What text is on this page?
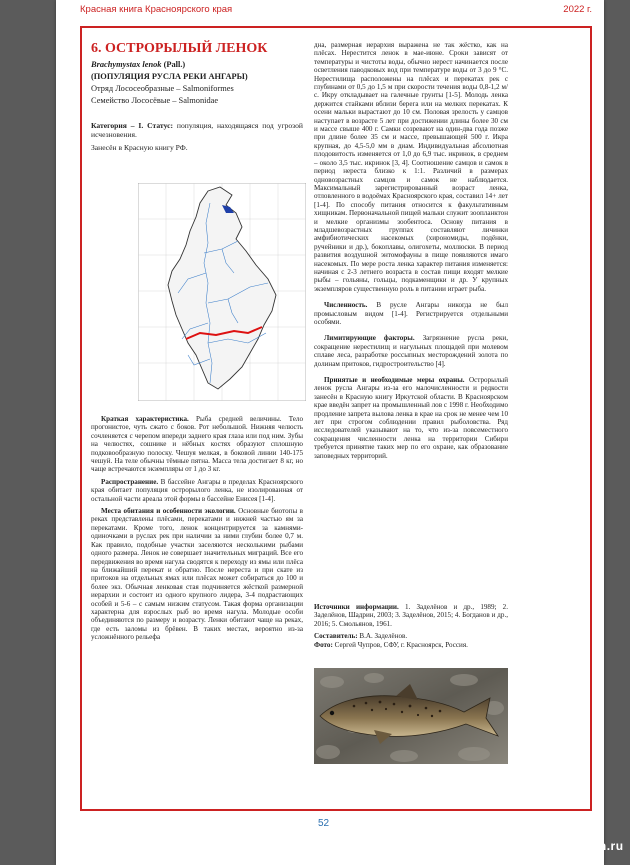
Красная книга Красноярского края	2022 г.
6. ОСТРОРЫЛЫЙ ЛЕНОК
Brachymystax lenok (Pall.)
(ПОПУЛЯЦИЯ РУСЛА РЕКИ АНГАРЫ)
Отряд Лососеобразные – Salmoniformes
Семейство Лососёвые – Salmonidae

Категория – I. Статус: популяция, находящаяся под угрозой исчезновения.

Занесён в Красную книгу РФ.

Краткая характеристика. Рыба средней величины. Тело прогонистое, чуть сжато с боков. Рот небольшой. Нижняя челюсть сочленяется с черепом впереди заднего края глаза или под ним. Зубы на челюстях, сошнике и нёбных костях образуют сплошную подковообразную полоску. Чешуя мелкая, в боковой линии 140-175 чешуй. На теле обычны тёмные пятна. Масса тела достигает 8 кг, но чаще встречаются экземпляры от 1 до 3 кг.

Распространение. В бассейне Ангары в пределах Красноярского края обитает популяция острорылого ленка, не изолированная от остальной части ареала этой формы в бассейне Енисея [1-4].

Места обитания и особенности экологии. Основные биотопы в реках представлены плёсами, перекатами и нижней частью ям за перекатами. Кроме того, ленок концентрируется за камнями-одиночками в руслах рек при наличии за ними глубин более 0,7 м. Как правило, подобные участки заселяются несколькими рыбами одного размера. Ленок не совершает значительных миграций. Все его передвижения во время нагула сводятся к переходу из ямы или плёса на ближайший перекат и обратно. После нереста и при скате из притоков на отдельных ямах или плёсах может собираться до 100 и более экз. Обычная ленковая стая подчиняется жёсткой размерной иерархии и состоит из одного крупного лидера, 3-4 подрастающих особей и 5-6 – с самым низким статусом. Такая форма организации характерна для взрослых рыб во время нагула. Молодые особи объединяются по размеру и возрасту. Ленки обитают чаще на реках, где есть заломы из брёвен. В таких местах, вероятно из-за усложнённого рельефа

дна, размерная иерархия выражена не так жёстко, как на плёсах. Нерестится ленок в мае-июне. Сроки зависят от температуры и чистоты воды, обычно нерест начинается после осветления паводковых вод при температуре воды от 3 до 9 °С. Нерестилища расположены на плёсах и перекатах рек с глубинами от 0,5 до 1,5 м при скорости течения воды 0,8-1,2 м/с. Икру откладывает на галечные грунты [1-5]. Молодь ленка держится стайками вблизи берега или на мелких перекатах. К осени мальки вырастают до 10 см. Половая зрелость у самцов наступает в возрасте 5 лет при достижении длины более 30 см и массе свыше 400 г. Самки созревают на один-два года позже при длине более 35 см и массе, превышающей 500 г. Икра крупная, до 4,5-5,0 мм в диам. Индивидуальная абсолютная плодовитость изменяется от 1,0 до 6,9 тыс. икринок, в среднем – около 3,5 тыс. икринок [3, 4]. Соотношение самцов и самок в период нереста близко к 1:1. Различий в размерах одновозрастных самцов и самок не наблюдается. Максимальный зарегистрированный возраст ленка, отловленного в водоёмах Красноярского края, составил 14+ лет [1-4]. По способу питания относится к факультативным хищникам. Первоначальной пищей мальки служит зоопланктон и мелкие организмы зообентоса. Основу питания в младшевозрастных группах составляют личинки амфибиотических насекомых (хирономиды, подёнки, ручейники и др.), бокоплавы, олигохеты, моллюски. В период развития воздушной энтомофауны в пище появляются имаго насекомых. По мере роста ленка характер питания изменяется: начиная с 2-3 летнего возраста в состав пищи входят мелкие рыбы – гольяны, гольцы, подкаменщики и др. У крупных экземпляров существенную роль в питании играет рыба.

Численность. В русле Ангары никогда не был промысловым видом [1-4]. Регистрируется отдельными особями.

Лимитирующие факторы. Загрязнение русла реки, сокращение нерестилищ и нагульных площадей при молевом сплаве леса, разработке россыпных месторождений золота по долинам притоков, гидростроительство [4].

Принятые и необходимые меры охраны. Острорылый ленок русла Ангары из-за его малочисленности и редкости занесён в Красную книгу Иркутской области. В Красноярском крае введён запрет на промышленный лов с 1998 г. Необходимо продление запрета вылова ленка в крае на срок не менее чем 10 лет при строгом соблюдении правил рыболовства. Ряд исследователей указывают на то, что из-за повсеместного сокращения численности ленка на территории Сибири требуется принятие таких мер по его охране, как образование заповедных территорий.

Источники информации. 1. Заделёнов и др., 1989; 2. Заделёнов, Шадрин, 2003; 3. Заделёнов, 2015; 4. Богданов и др., 2016; 5. Смольянов, 1961.

Составитель: В.А. Заделёнов.

Фото: Сергей Чупров, СФУ, г. Красноярск, Россия.

52
www.tugun.ru
